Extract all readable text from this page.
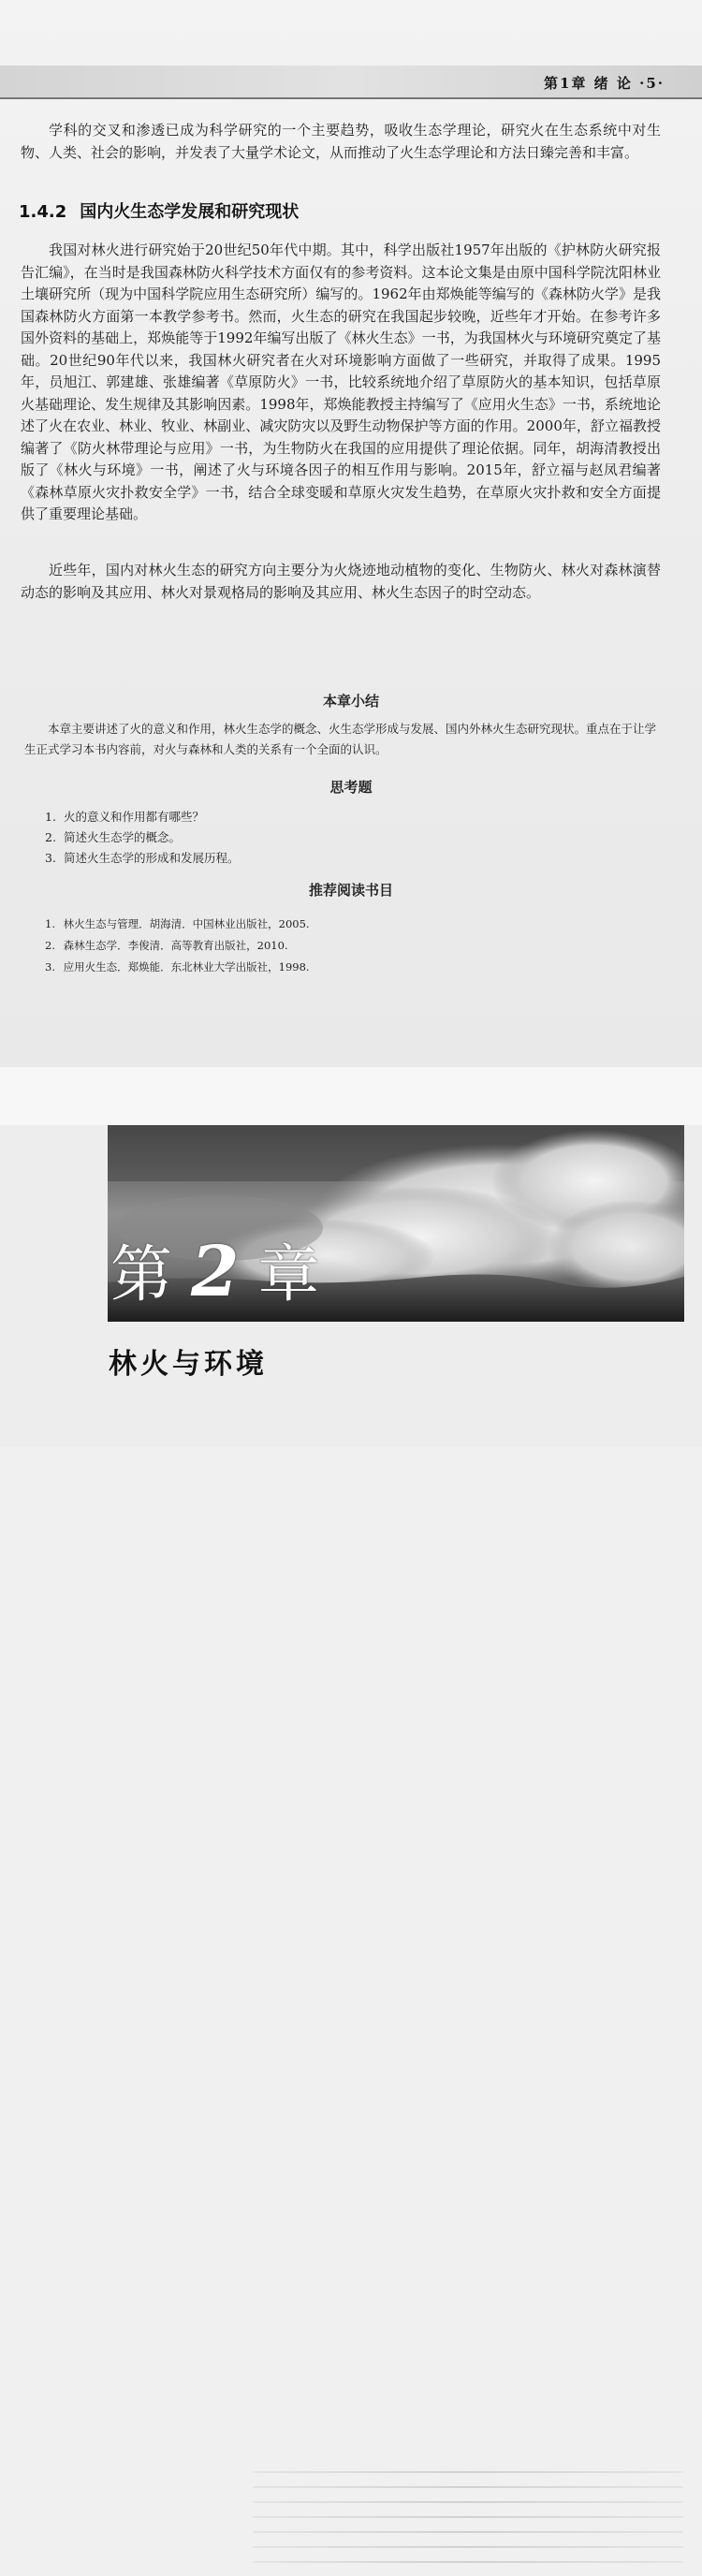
第1章 绪 论 ·5·

学科的交叉和渗透已成为科学研究的一个主要趋势，吸收生态学理论，研究火在生态系统中对生物、人类、社会的影响，并发表了大量学术论文，从而推动了火生态学理论和方法日臻完善和丰富。

1.4.2 国内火生态学发展和研究现状

我国对林火进行研究始于20世纪50年代中期。其中，科学出版社1957年出版的《护林防火研究报告汇编》，在当时是我国森林防火科学技术方面仅有的参考资料。这本论文集是由原中国科学院沈阳林业土壤研究所（现为中国科学院应用生态研究所）编写的。1962年由郑焕能等编写的《森林防火学》是我国森林防火方面第一本教学参考书。然而，火生态的研究在我国起步较晚，近些年才开始。在参考许多国外资料的基础上，郑焕能等于1992年编写出版了《林火生态》一书，为我国林火与环境研究奠定了基础。20世纪90年代以来，我国林火研究者在火对环境影响方面做了一些研究，并取得了成果。1995年，员旭江、郭建雄、张雄编著《草原防火》一书，比较系统地介绍了草原防火的基本知识，包括草原火基础理论、发生规律及其影响因素。1998年，郑焕能教授主持编写了《应用火生态》一书，系统地论述了火在农业、林业、牧业、林副业、减灾防灾以及野生动物保护等方面的作用。2000年，舒立福教授编著了《防火林带理论与应用》一书，为生物防火在我国的应用提供了理论依据。同年，胡海清教授出版了《林火与环境》一书，阐述了火与环境各因子的相互作用与影响。2015年，舒立福与赵凤君编著《森林草原火灾扑救安全学》一书，结合全球变暖和草原火灾发生趋势，在草原火灾扑救和安全方面提供了重要理论基础。

近些年，国内对林火生态的研究方向主要分为火烧迹地动植物的变化、生物防火、林火对森林演替动态的影响及其应用、林火对景观格局的影响及其应用、林火生态因子的时空动态。

本章小结

本章主要讲述了火的意义和作用，林火生态学的概念、火生态学形成与发展、国内外林火生态研究现状。重点在于让学生正式学习本书内容前，对火与森林和人类的关系有一个全面的认识。

思考题
1. 火的意义和作用都有哪些？
2. 简述火生态学的概念。
3. 简述火生态学的形成和发展历程。
推荐阅读书目
1. 林火生态与管理．胡海清．中国林业出版社，2005.
2. 森林生态学．李俊清．高等教育出版社，2010.
3. 应用火生态．郑焕能．东北林业大学出版社，1998.
第 2 章
林火与环境
